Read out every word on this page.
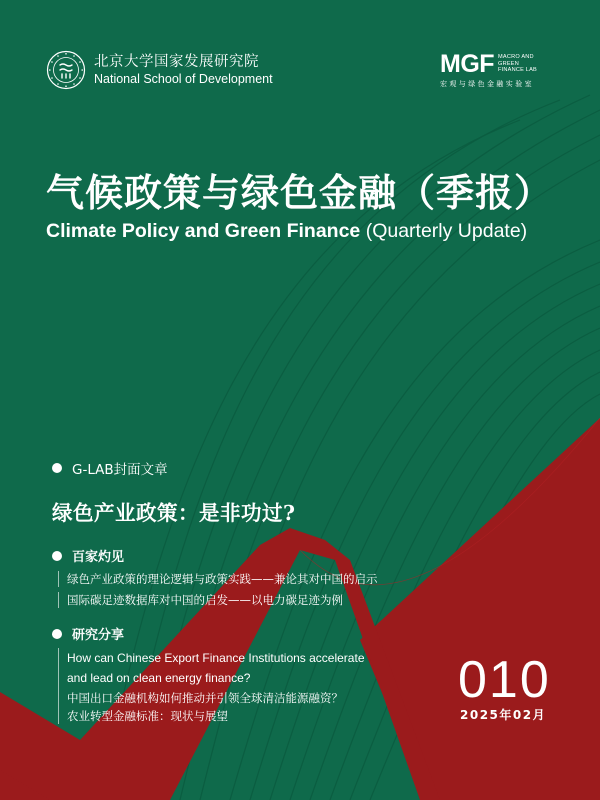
北京大学国家发展研究院
National School of Development
MGF MACRO AND
GREEN
FINANCE LAB
宏观与绿色金融实验室
气候政策与绿色金融（季报）
Climate Policy and Green Finance (Quarterly Update)
G-LAB封面文章
绿色产业政策：是非功过?
百家灼见
绿色产业政策的理论逻辑与政策实践——兼论其对中国的启示
国际碳足迹数据库对中国的启发——以电力碳足迹为例
研究分享
How can Chinese Export Finance Institutions accelerate
and lead on clean energy finance?
中国出口金融机构如何推动并引领全球清洁能源融资？
农业转型金融标准：现状与展望
010
2025年02月
